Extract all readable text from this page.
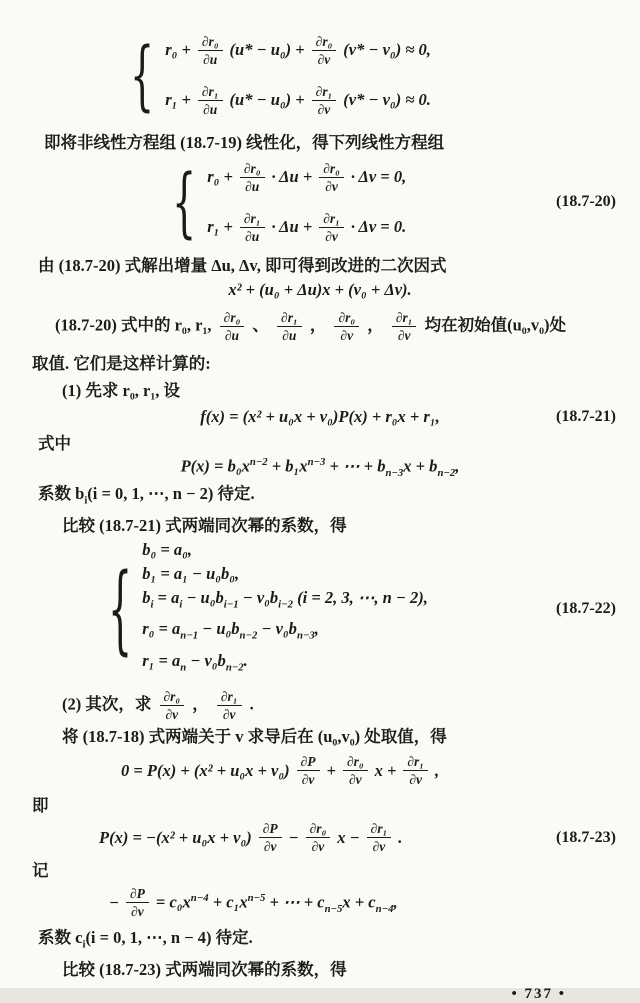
{ $r_0 + \frac{\text{∂r₀}}{\partial u} (u* - u_0) + \frac{\text{∂r₀}}{\partial v} (v* - v_0) \approx 0$,
$r_1 + \frac{\text{∂r₁}}{\partial u} (u* - u_0) + \frac{\text{∂r₁}}{\partial v} (v* - v_0) \approx 0$.

即将非线性方程组 (18.7-19) 线性化，得下列线性方程组

{ $r_0 + \frac{\text{∂r₀}}{\partial u} \cdot \Delta u + \frac{\text{∂r₀}}{\partial v} \cdot \Delta v = 0$,
$r_1 + \frac{\text{∂r₁}}{\partial u} \cdot \Delta u + \frac{\text{∂r₁}}{\partial v} \cdot \Delta v = 0$.
(18.7-20)

由 (18.7-20) 式解出增量 Δu, Δv, 即可得到改进的二次因式

x² + (u₀ + Δu)x + (v₀ + Δv).
(18.7-20) 式中的 r₀, r₁, $\frac{\text{∂r₀}}{\partial u}$ 、 $\frac{\text{∂r₁}}{\partial u}$ ， $\frac{\text{∂r₀}}{\partial v}$ ， $\frac{\text{∂r₁}}{\partial v}$ 均在初始值(u₀,v₀)处

取值. 它们是这样计算的:

(1) 先求 r₀, r₁, 设

f(x) = (x² + u₀x + v₀)P(x) + r₀x + r₁,	(18.7-21)

式中

$P(x) = b_0x^{n-2} + b_1x^{n-3}$ + ⋯ + $b_{n-3}x + b_{n-2}$,

系数 $b_i(i = 0$, 1, ⋯, n − 2) 待定.

比较 (18.7-21) 式两端同次幂的系数，得

{
b₀ = a₀,
b₁ = a₁ − u₀b₀,
$b_i = a_i - u_0b_{i-1} - v_0b_{i-2}$ (i = 2, 3, ⋯, n − 2),
$r_0 = a_{n-1} - u_0b_{n-2} - v_0b_{n-3}$,
$r_1 = a_n - v_0b_{n-2}$.
(18.7-22)
(2) 其次，求 $\frac{\text{∂r₀}}{\partial v}$ ， $\frac{\text{∂r₁}}{\partial v}$ .

将 (18.7-18) 式两端关于 v 求导后在 (u₀,v₀) 处取值，得

$0 = P(x) + (x^2 + u_0x + v_0) \frac{\partial P}{\partial v} + \frac{\text{∂r₀}}{\partial v}$ $x + \frac{\text{∂r₁}}{\partial v}$ ,

即

$P(x) = -(x^2 + u_0x + v_0) \frac{\partial P}{\partial v} - \frac{\text{∂r₀}}{\partial v}$ $x - \frac{\text{∂r₁}}{\partial v}$ .	(18.7-23)

记

− $\frac{\partial P}{\partial v} = c_0x^{n-4} + c_1x^{n-5}$ + ⋯ + $c_{n-5}x + c_{n-4}$,

系数 $c_i(i = 0$, 1, ⋯, n − 4) 待定.

比较 (18.7-23) 式两端同次幂的系数，得

• 737 •
